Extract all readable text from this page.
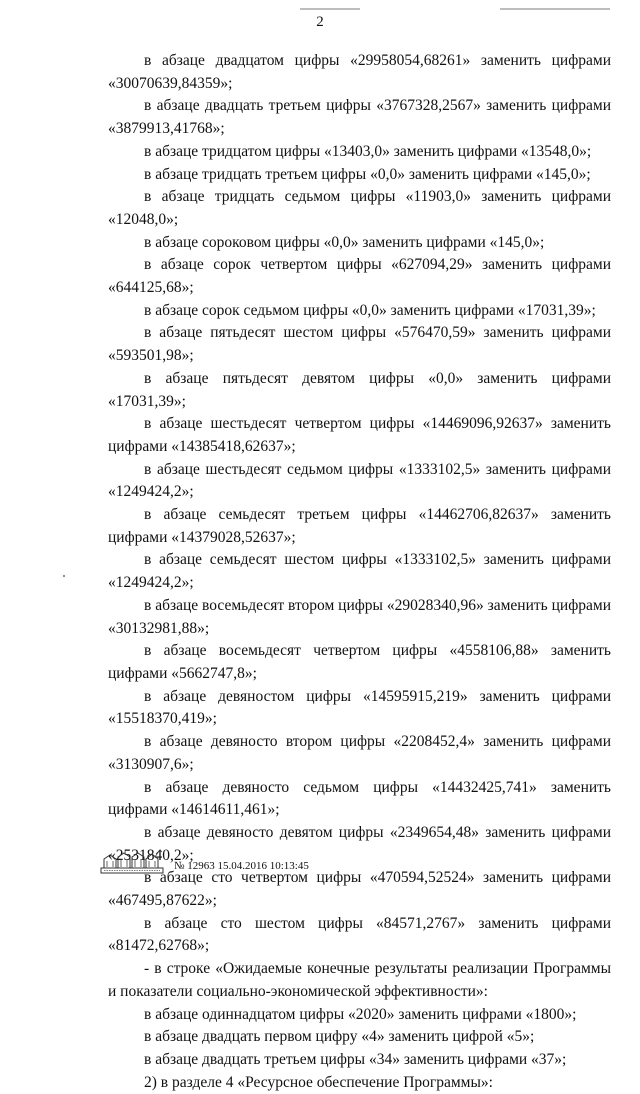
2

в абзаце двадцатом цифры «29958054,68261» заменить цифрами «30070639,84359»;

в абзаце двадцать третьем цифры «3767328,2567» заменить цифрами «3879913,41768»;

в абзаце тридцатом цифры «13403,0» заменить цифрами «13548,0»;

в абзаце тридцать третьем цифры «0,0» заменить цифрами «145,0»;

в абзаце тридцать седьмом цифры «11903,0» заменить цифрами «12048,0»;

в абзаце сороковом цифры «0,0» заменить цифрами «145,0»;

в абзаце сорок четвертом цифры «627094,29» заменить цифрами «644125,68»;

в абзаце сорок седьмом цифры «0,0» заменить цифрами «17031,39»;

в абзаце пятьдесят шестом цифры «576470,59» заменить цифрами «593501,98»;

в абзаце пятьдесят девятом цифры «0,0» заменить цифрами «17031,39»;

в абзаце шестьдесят четвертом цифры «14469096,92637» заменить цифрами «14385418,62637»;

в абзаце шестьдесят седьмом цифры «1333102,5» заменить цифрами «1249424,2»;

в абзаце семьдесят третьем цифры «14462706,82637» заменить цифрами «14379028,52637»;

в абзаце семьдесят шестом цифры «1333102,5» заменить цифрами «1249424,2»;

в абзаце восемьдесят втором цифры «29028340,96» заменить цифрами «30132981,88»;

в абзаце восемьдесят четвертом цифры «4558106,88» заменить цифрами «5662747,8»;

в абзаце девяностом цифры «14595915,219» заменить цифрами «15518370,419»;

в абзаце девяносто втором цифры «2208452,4» заменить цифрами «3130907,6»;

в абзаце девяносто седьмом цифры «14432425,741» заменить цифрами «14614611,461»;

в абзаце девяносто девятом цифры «2349654,48» заменить цифрами «2531840,2»;

в абзаце сто четвертом цифры «470594,52524» заменить цифрами «467495,87622»;

в абзаце сто шестом цифры «84571,2767» заменить цифрами «81472,62768»;

- в строке «Ожидаемые конечные результаты реализации Программы и показатели социально-экономической эффективности»:

в абзаце одиннадцатом цифры «2020» заменить цифрами «1800»;

в абзаце двадцать первом цифру «4» заменить цифрой «5»;

в абзаце двадцать третьем цифры «34» заменить цифрами «37»;

2) в разделе 4 «Ресурсное обеспечение Программы»:

№ 12963 15.04.2016 10:13:45
